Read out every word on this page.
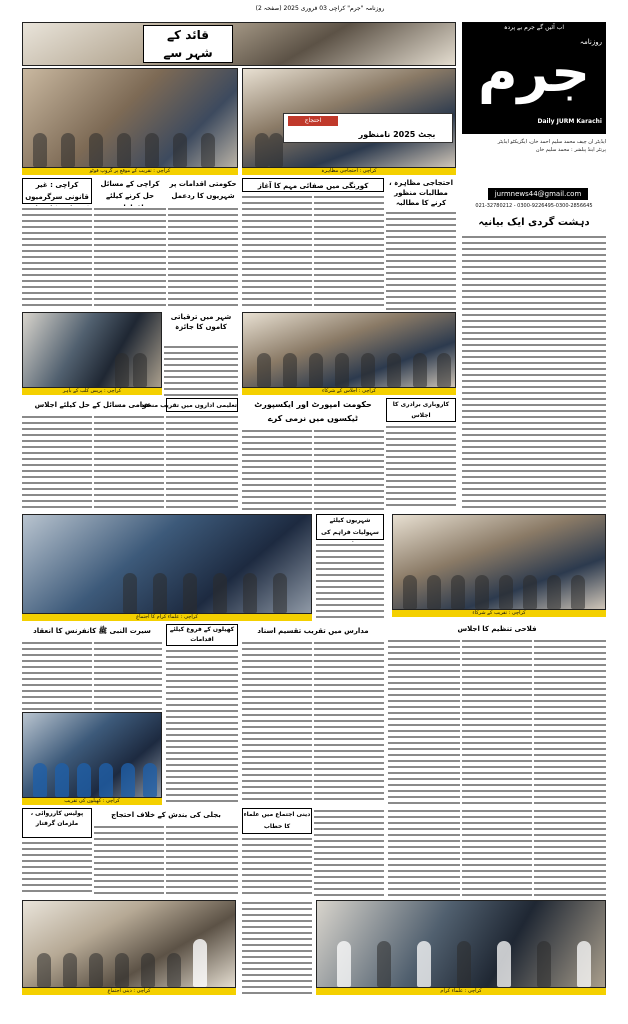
روزنامہ "جرم" کراچی 03 فروری 2025 (صفحہ 2)
قائد کے
شہر سے
اب آئیں گے جرم بے پردہ
جرم
روزنامہ
Daily JURM Karachi
ایڈیٹر ان چیف محمد سلیم احمد خان، ایگزیکٹو ایڈیٹر
پرنٹر اینڈ پبلشر : محمد سلیم خان
jurmnews44@gmail.com
021-32780212 - 0300-9226495-0300-2856645
کراچی : تقریب کے موقع پر گروپ فوٹو
احتجاج
بجٹ 2025 نامنظور
کراچی : احتجاجی مظاہرہ
کراچی : غیر قانونی سرگرمیوں
کراچی کے مسائل حل کرنے کیلئے
حکومتی اقدامات پر شہریوں کا ردعمل
کورنگی میں صفائی مہم کا آغاز	احتجاجی مظاہرہ ، مطالبات منظور کرنے کا مطالبہ
دہشت گردی ایک بیانیہ
کراچی : پریس کلب کے باہر
شہر میں ترقیاتی کاموں کا جائزہ
کراچی : اجلاس کے شرکاء
عوامی مسائل کے حل کیلئے اجلاس
تعلیمی اداروں میں تقریب منعقد	حکومت امپورٹ اور ایکسپورٹ ٹیکسوں میں نرمی کرے
کاروباری برادری کا اجلاس
کراچی : علماء کرام کا اجتماع
شہریوں کیلئے سہولیات فراہم کی
کراچی : تقریب کے شرکاء
سیرت النبی ﷺ کانفرنس کا انعقاد	کھیلوں کے فروغ کیلئے اقدامات
مدارس میں تقریب تقسیم اسناد	فلاحی تنظیم کا اجلاس
کراچی : کھیلوں کی تقریب
پولیس کارروائی ، ملزمان گرفتار
بجلی کی بندش کے خلاف احتجاج	دینی اجتماع میں علماء کا خطاب
کراچی : دینی اجتماع	کراچی : علماء کرام
